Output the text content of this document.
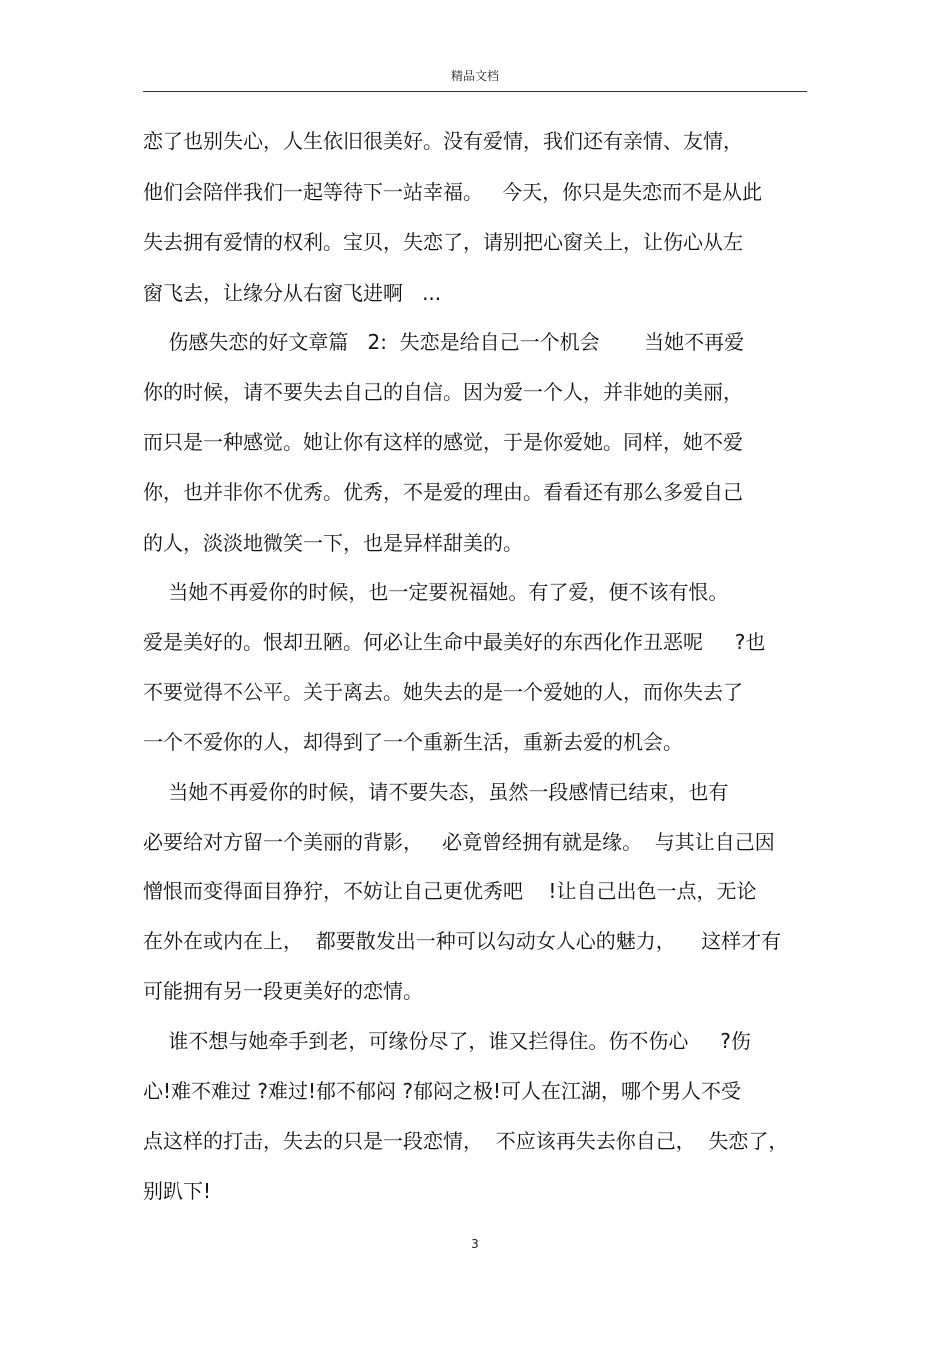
精品文档
恋了也别失心，人生依旧很美好。没有爱情，我们还有亲情、友情，
他们会陪伴我们一起等待下一站幸福。   今天，你只是失恋而不是从此
失去拥有爱情的权利。宝贝，失恋了，请别把心窗关上，让伤心从左
窗飞去，让缘分从右窗飞进啊   ...
伤感失恋的好文章篇   2:  失恋是给自己一个机会       当她不再爱
你的时候，请不要失去自己的自信。因为爱一个人，并非她的美丽，
而只是一种感觉。她让你有这样的感觉，于是你爱她。同样，她不爱
你，也并非你不优秀。优秀，不是爱的理由。看看还有那么多爱自己
的人，淡淡地微笑一下，也是异样甜美的。
当她不再爱你的时候，也一定要祝福她。有了爱，便不该有恨。
爱是美好的。恨却丑陋。何必让生命中最美好的东西化作丑恶呢     ?也
不要觉得不公平。关于离去。她失去的是一个爱她的人，而你失去了
一个不爱你的人，却得到了一个重新生活，重新去爱的机会。
当她不再爱你的时候，请不要失态，虽然一段感情已结束，也有
必要给对方留一个美丽的背影，   必竟曾经拥有就是缘。  与其让自己因
憎恨而变得面目狰狞，不妨让自己更优秀吧    !让自己出色一点，无论
在外在或内在上，  都要散发出一种可以勾动女人心的魅力，    这样才有
可能拥有另一段更美好的恋情。
谁不想与她牵手到老，可缘份尽了，谁又拦得住。伤不伤心     ?伤
心!难不难过 ?难过!郁不郁闷 ?郁闷之极!可人在江湖，哪个男人不受
点这样的打击，失去的只是一段恋情，  不应该再失去你自己，  失恋了，
别趴下!
3
